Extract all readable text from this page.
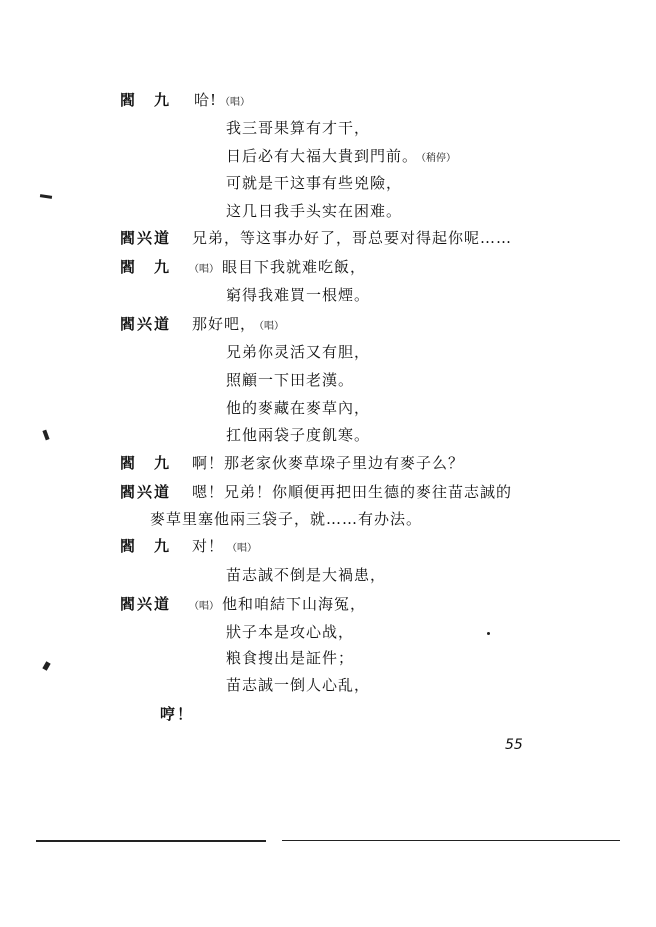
閻　九 哈! （唱）
我三哥果算有才干，
日后必有大福大貴到門前。 （稍停）
可就是干这事有些兇險，
这几日我手头实在困难。
閻兴道 兄弟，等这事办好了，哥总要对得起你呢……
閻　九	（唱） 眼目下我就难吃飯，
窮得我难買一根煙。
閻兴道 那好吧， （唱）
兄弟你灵活又有胆，
照顧一下田老漢。
他的麥藏在麥草內，
扛他兩袋子度飢寒。
閻　九 啊！那老家伙麥草垜子里边有麥子么？
閻兴道 嗯！兄弟！你順便再把田生德的麥往苗志誠的
麥草里塞他兩三袋子，就……有办法。
閻　九 对！ （唱）
苗志誠不倒是大禍患，
閻兴道	（唱） 他和咱結下山海冤，
狀子本是攻心战，
粮食搜出是証件；
苗志誠一倒人心乱，
哼！
55
